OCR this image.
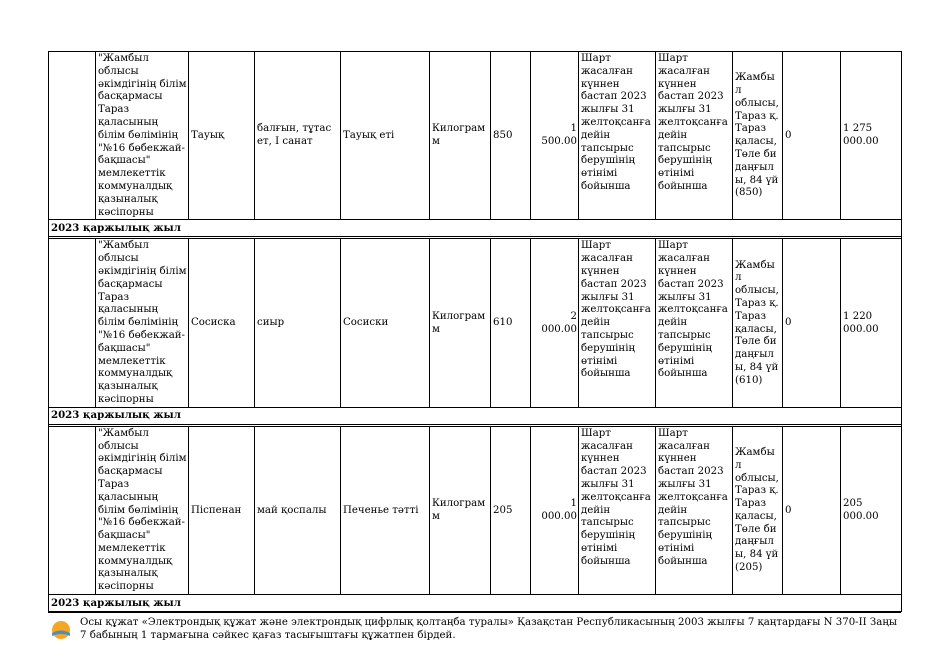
	"Жамбыл облысы әкімдігінің білім басқармасы Тараз қаласының білім бөлімінің "№16 бөбекжай-бақшасы" мемлекеттік коммуналдық қазыналық кәсіпорны	Тауық	балғын, тұтас ет, I санат	Тауық еті	Килограмм	850	1 500.00	Шарт жасалған күннен бастап 2023 жылғы 31 желтоқсанға дейін тапсырыс берушінің өтінімі бойынша	Шарт жасалған күннен бастап 2023 жылғы 31 желтоқсанға дейін тапсырыс берушінің өтінімі бойынша	Жамбыл облысы, Тараз қ. Тараз қаласы, Төле би даңғылы, 84 үй (850)	0	1 275 000.00
2023 қаржылық жыл												

	"Жамбыл облысы әкімдігінің білім басқармасы Тараз қаласының білім бөлімінің "№16 бөбекжай-бақшасы" мемлекеттік коммуналдық қазыналық кәсіпорны	Сосиска	сиыр	Сосиски	Килограмм	610	2 000.00	Шарт жасалған күннен бастап 2023 жылғы 31 желтоқсанға дейін тапсырыс берушінің өтінімі бойынша	Шарт жасалған күннен бастап 2023 жылғы 31 желтоқсанға дейін тапсырыс берушінің өтінімі бойынша	Жамбыл облысы, Тараз қ. Тараз қаласы, Төле би даңғылы, 84 үй (610)	0	1 220 000.00
2023 қаржылық жыл												

	"Жамбыл облысы әкімдігінің білім басқармасы Тараз қаласының білім бөлімінің "№16 бөбекжай-бақшасы" мемлекеттік коммуналдық қазыналық кәсіпорны	Піспенан	май қоспалы	Печенье тәтті	Килограмм	205	1 000.00	Шарт жасалған күннен бастап 2023 жылғы 31 желтоқсанға дейін тапсырыс берушінің өтінімі бойынша	Шарт жасалған күннен бастап 2023 жылғы 31 желтоқсанға дейін тапсырыс берушінің өтінімі бойынша	Жамбыл облысы, Тараз қ. Тараз қаласы, Төле би даңғылы, 84 үй (205)	0	205 000.00
2023 қаржылық жыл												
Осы құжат «Электрондық құжат және электрондық цифрлық қолтаңба туралы» Қазақстан Республикасының 2003 жылғы 7 қаңтардағы N 370-II Заңы 7 бабының 1 тармағына сәйкес қағаз тасығыштағы құжатпен бірдей.
